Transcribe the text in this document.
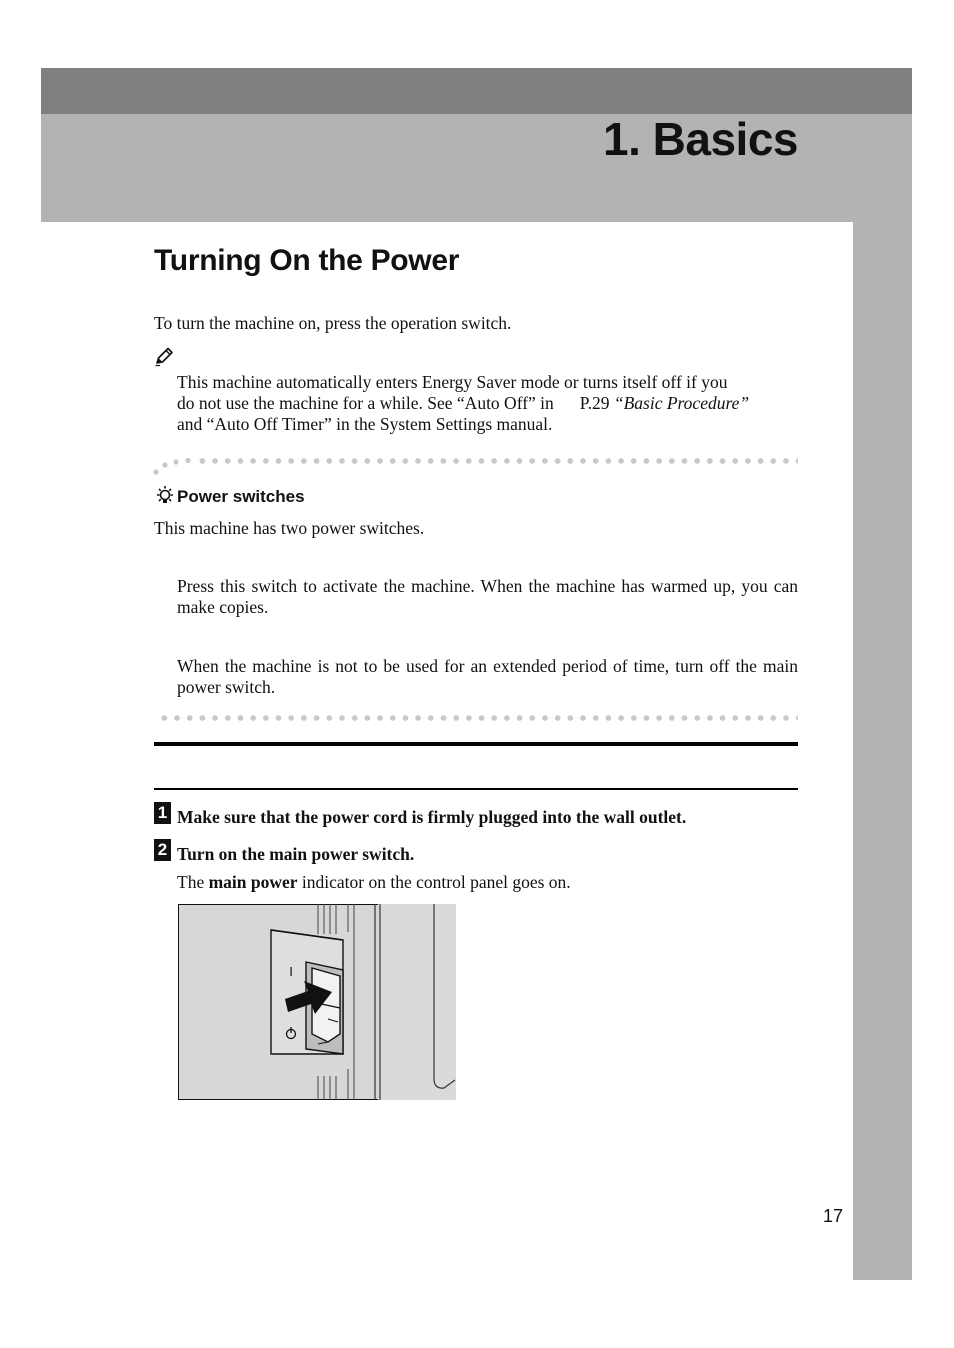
1. Basics
Turning On the Power

To turn the machine on, press the operation switch.

This machine automatically enters Energy Saver mode or turns itself off if you
do not use the machine for a while. See “Auto Off” in P.29 “Basic Procedure”
and “Auto Off Timer” in the System Settings manual.
Power switches

This machine has two power switches.

Press this switch to activate the machine. When the machine has warmed up, you can make copies.

When the machine is not to be used for an extended period of time, turn off the main power switch.

1 Make sure that the power cord is firmly plugged into the wall outlet.

2 Turn on the main power switch.

The main power indicator on the control panel goes on.

I

17
